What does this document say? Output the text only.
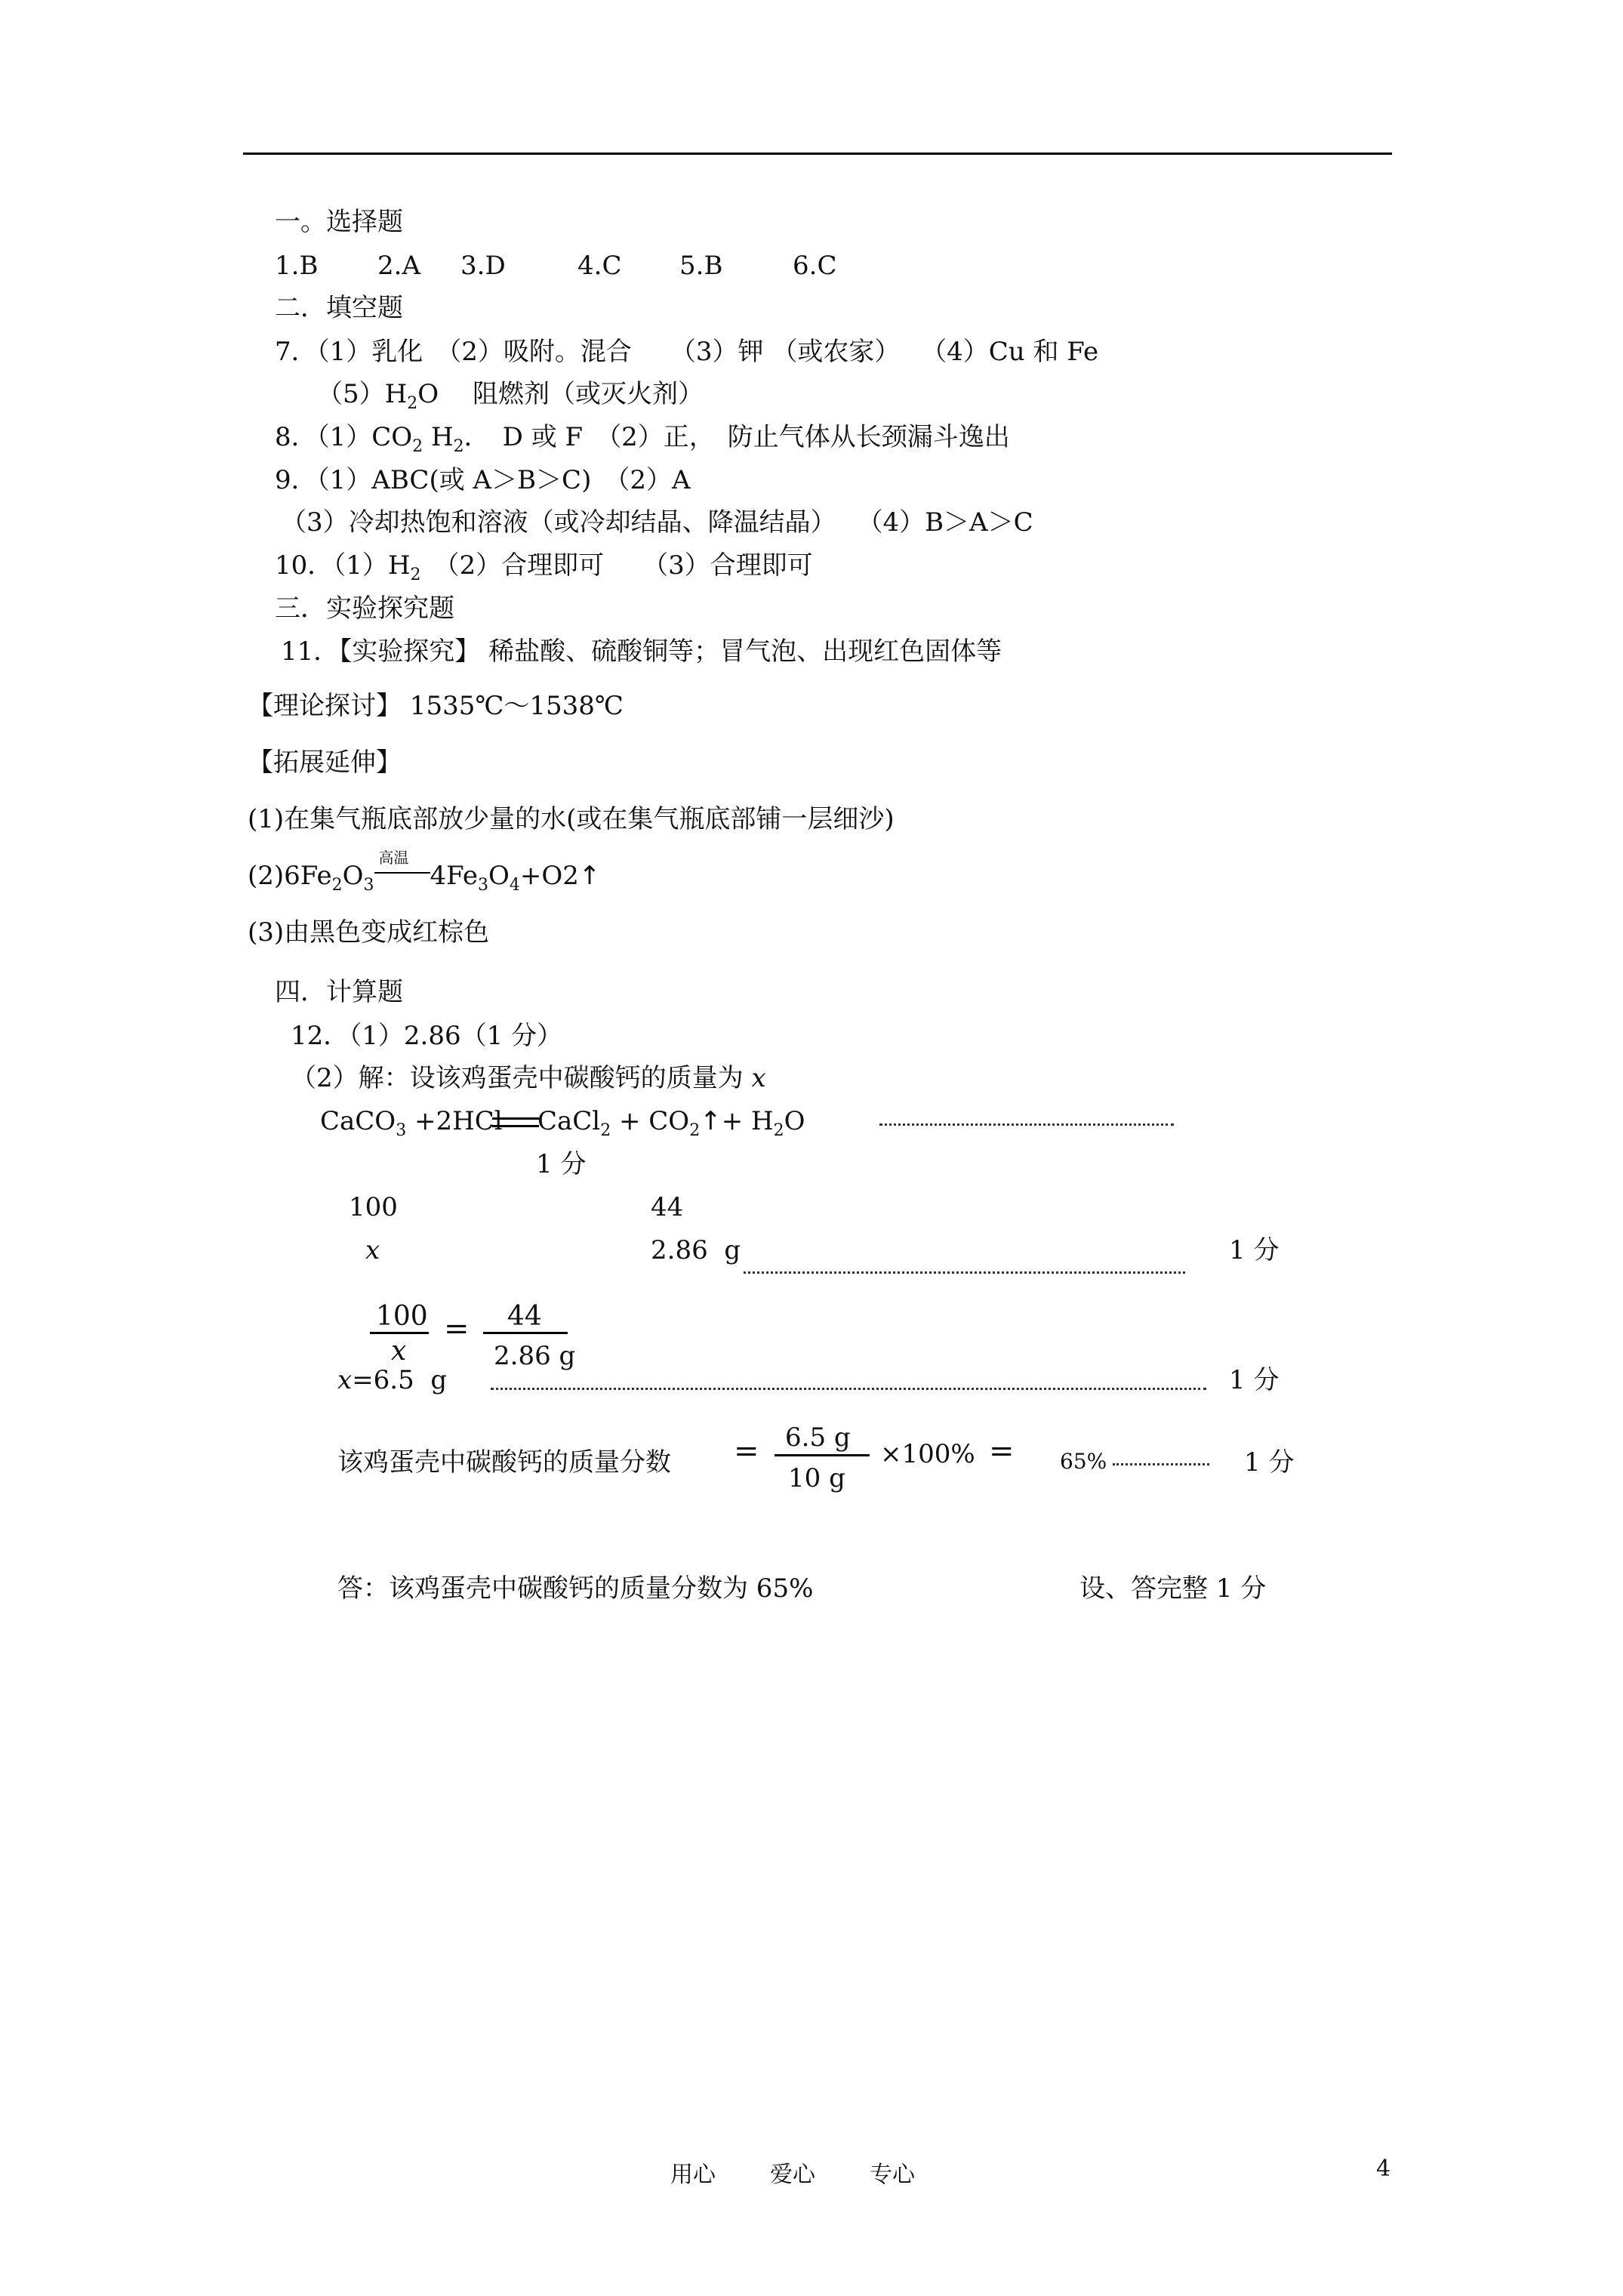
一。选择题
1.B 2.A 3.D	4.C 5.B	6.C
二．填空题
7．（1）乳化　（2）吸附。混合　　（3）钾 （或农家）　 （4）Cu 和 Fe
$(5)H_2O$　 阻燃剂（或灭火剂）
8．$(1)CO_2$ $H_2$．　D 或 F　（2）正，　防止气体从长颈漏斗逸出
9．（1）ABC(或 A＞B＞C)　（2）A
（3）冷却热饱和溶液（或冷却结晶、降温结晶）　 （4）B＞A＞C
10．$(1)H_2$　（2）合理即可　　（3）合理即可
三．实验探究题
11．【实验探究】 稀盐酸、硫酸铜等；冒气泡、出现红色固体等
【理论探讨】 1535℃～1538℃
【拓展延伸】
(1)在集气瓶底部放少量的水(或在集气瓶底部铺一层细沙)
$(2)6Fe_2O_3$
高温
$4Fe_3O_4+O2↑$
(3)由黑色变成红棕色
四．计算题
12．（1）2.86（1 分）
（2）解：设该鸡蛋壳中碳酸钙的质量为 x
CaCO$_3$ +2HCl CaCl$_2$ + $CO_2↑+ H_2O$
1 分
100	44
x	2.86  g	1 分
100
x
= 44
2.86 g
x=6.5  g	1 分
该鸡蛋壳中碳酸钙的质量分数 = 6.5 g
10 g
×100% = 65%	1 分
答：该鸡蛋壳中碳酸钙的质量分数为 65%	设、答完整 1 分
用心 爱心 专心	4
